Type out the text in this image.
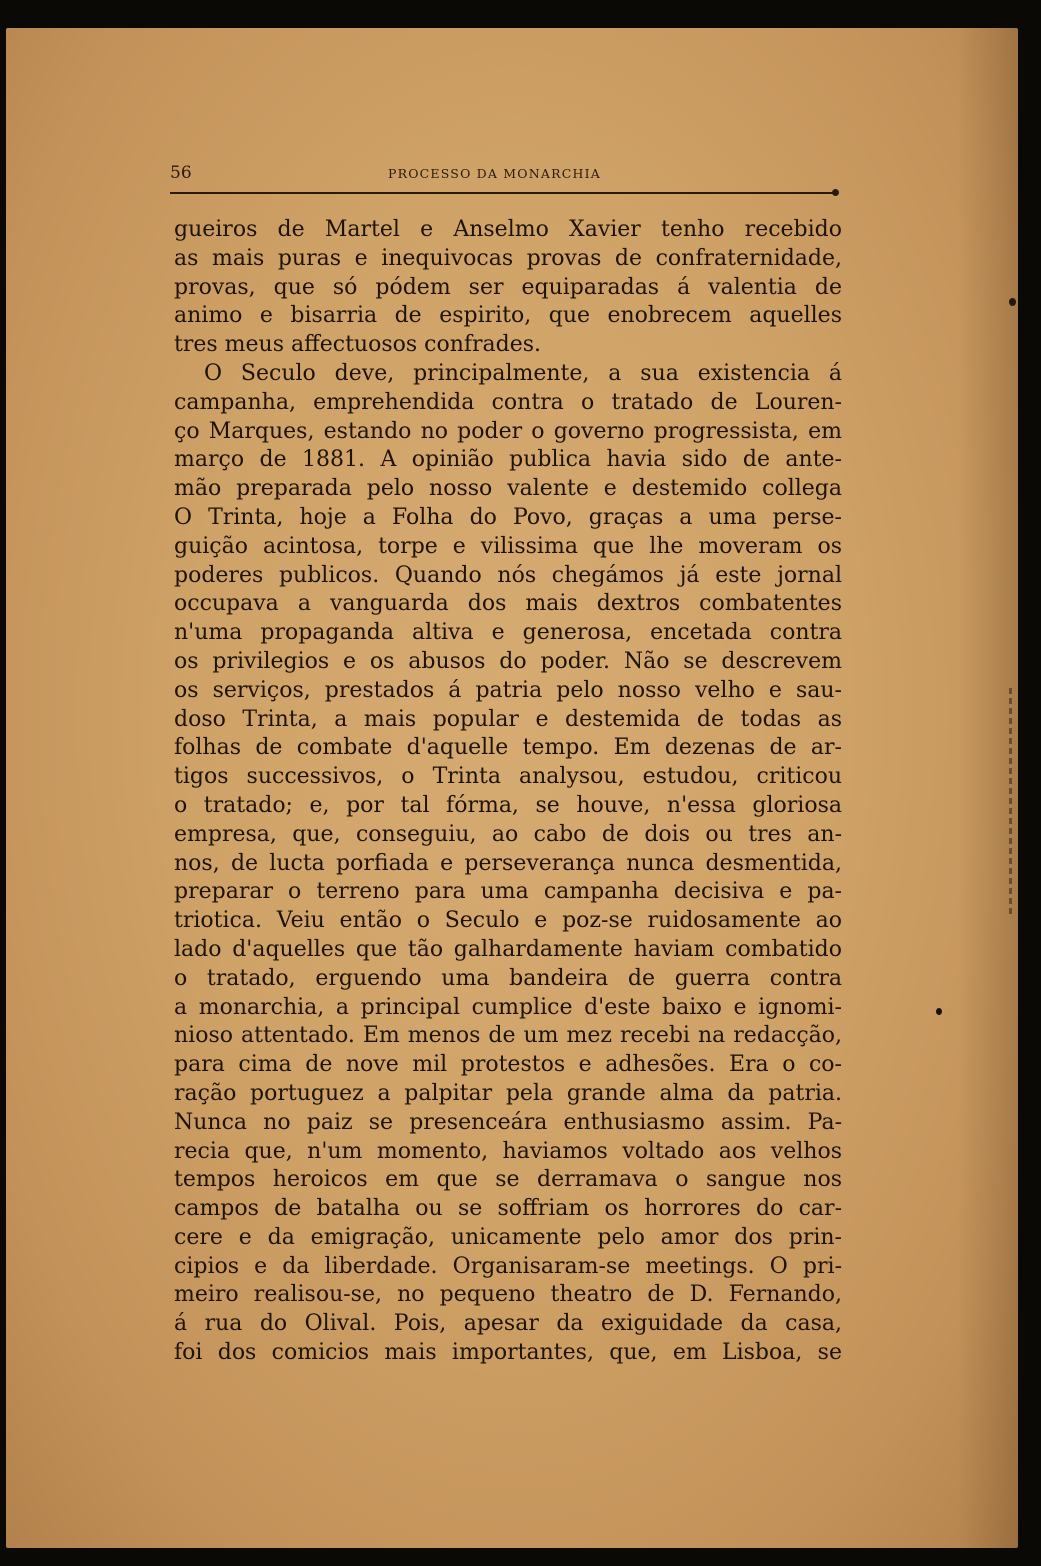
56	PROCESSO DA MONARCHIA
gueiros de Martel e Anselmo Xavier tenho recebido
as mais puras e inequivocas provas de confraternidade,
provas, que só pódem ser equiparadas á valentia de
animo e bisarria de espirito, que enobrecem aquelles
tres meus affectuosos confrades.
O Seculo deve, principalmente, a sua existencia á
campanha, emprehendida contra o tratado de Louren-
ço Marques, estando no poder o governo progressista, em
março de 1881. A opinião publica havia sido de ante-
mão preparada pelo nosso valente e destemido collega
O Trinta, hoje a Folha do Povo, graças a uma perse-
guição acintosa, torpe e vilissima que lhe moveram os
poderes publicos. Quando nós chegámos já este jornal
occupava a vanguarda dos mais dextros combatentes
n'uma propaganda altiva e generosa, encetada contra
os privilegios e os abusos do poder. Não se descrevem
os serviços, prestados á patria pelo nosso velho e sau-
doso Trinta, a mais popular e destemida de todas as
folhas de combate d'aquelle tempo. Em dezenas de ar-
tigos successivos, o Trinta analysou, estudou, criticou
o tratado; e, por tal fórma, se houve, n'essa gloriosa
empresa, que, conseguiu, ao cabo de dois ou tres an-
nos, de lucta porfiada e perseverança nunca desmentida,
preparar o terreno para uma campanha decisiva e pa-
triotica. Veiu então o Seculo e poz-se ruidosamente ao
lado d'aquelles que tão galhardamente haviam combatido
o tratado, erguendo uma bandeira de guerra contra
a monarchia, a principal cumplice d'este baixo e ignomi-
nioso attentado. Em menos de um mez recebi na redacção,
para cima de nove mil protestos e adhesões. Era o co-
ração portuguez a palpitar pela grande alma da patria.
Nunca no paiz se presenceára enthusiasmo assim. Pa-
recia que, n'um momento, haviamos voltado aos velhos
tempos heroicos em que se derramava o sangue nos
campos de batalha ou se soffriam os horrores do car-
cere e da emigração, unicamente pelo amor dos prin-
cipios e da liberdade. Organisaram-se meetings. O pri-
meiro realisou-se, no pequeno theatro de D. Fernando,
á rua do Olival. Pois, apesar da exiguidade da casa,
foi dos comicios mais importantes, que, em Lisboa, se
